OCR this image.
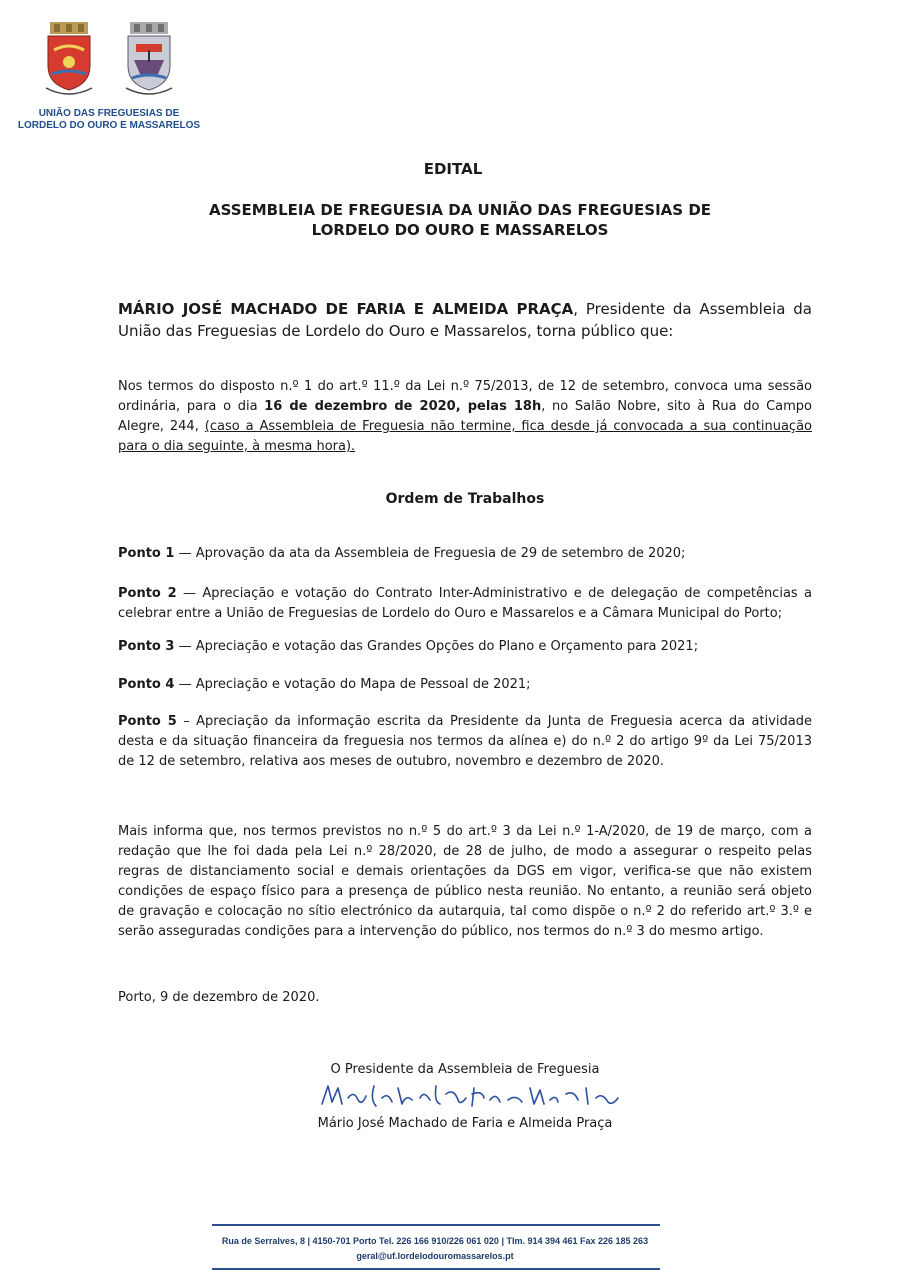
UNIÃO DAS FREGUESIAS DE
LORDELO DO OURO E MASSARELOS
EDITAL
ASSEMBLEIA DE FREGUESIA DA UNIÃO DAS FREGUESIAS DE
LORDELO DO OURO E MASSARELOS
MÁRIO JOSÉ MACHADO DE FARIA E ALMEIDA PRAÇA, Presidente da Assembleia da União das Freguesias de Lordelo do Ouro e Massarelos, torna público que:
Nos termos do disposto n.º 1 do art.º 11.º da Lei n.º 75/2013, de 12 de setembro, convoca uma sessão ordinária, para o dia 16 de dezembro de 2020, pelas 18h, no Salão Nobre, sito à Rua do Campo Alegre, 244, (caso a Assembleia de Freguesia não termine, fica desde já convocada a sua continuação para o dia seguinte, à mesma hora).
Ordem de Trabalhos
Ponto 1 — Aprovação da ata da Assembleia de Freguesia de 29 de setembro de 2020;
Ponto 2 — Apreciação e votação do Contrato Inter-Administrativo e de delegação de competências a celebrar entre a União de Freguesias de Lordelo do Ouro e Massarelos e a Câmara Municipal do Porto;
Ponto 3 — Apreciação e votação das Grandes Opções do Plano e Orçamento para 2021;
Ponto 4 — Apreciação e votação do Mapa de Pessoal de 2021;
Ponto 5 – Apreciação da informação escrita da Presidente da Junta de Freguesia acerca da atividade desta e da situação financeira da freguesia nos termos da alínea e) do n.º 2 do artigo 9º da Lei 75/2013 de 12 de setembro, relativa aos meses de outubro, novembro e dezembro de 2020.
Mais informa que, nos termos previstos no n.º 5 do art.º 3 da Lei n.º 1-A/2020, de 19 de março, com a redação que lhe foi dada pela Lei n.º 28/2020, de 28 de julho, de modo a assegurar o respeito pelas regras de distanciamento social e demais orientações da DGS em vigor, verifica-se que não existem condições de espaço físico para a presença de público nesta reunião. No entanto, a reunião será objeto de gravação e colocação no sítio electrónico da autarquia, tal como dispõe o n.º 2 do referido art.º 3.º e serão asseguradas condições para a intervenção do público, nos termos do n.º 3 do mesmo artigo.
Porto, 9 de dezembro de 2020.
O Presidente da Assembleia de Freguesia
Mário José Machado de Faria e Almeida Praça
Rua de Serralves, 8 | 4150-701 Porto Tel. 226 166 910/226 061 020 | Tlm. 914 394 461 Fax 226 185 263
geral@uf.lordelodouromassarelos.pt
